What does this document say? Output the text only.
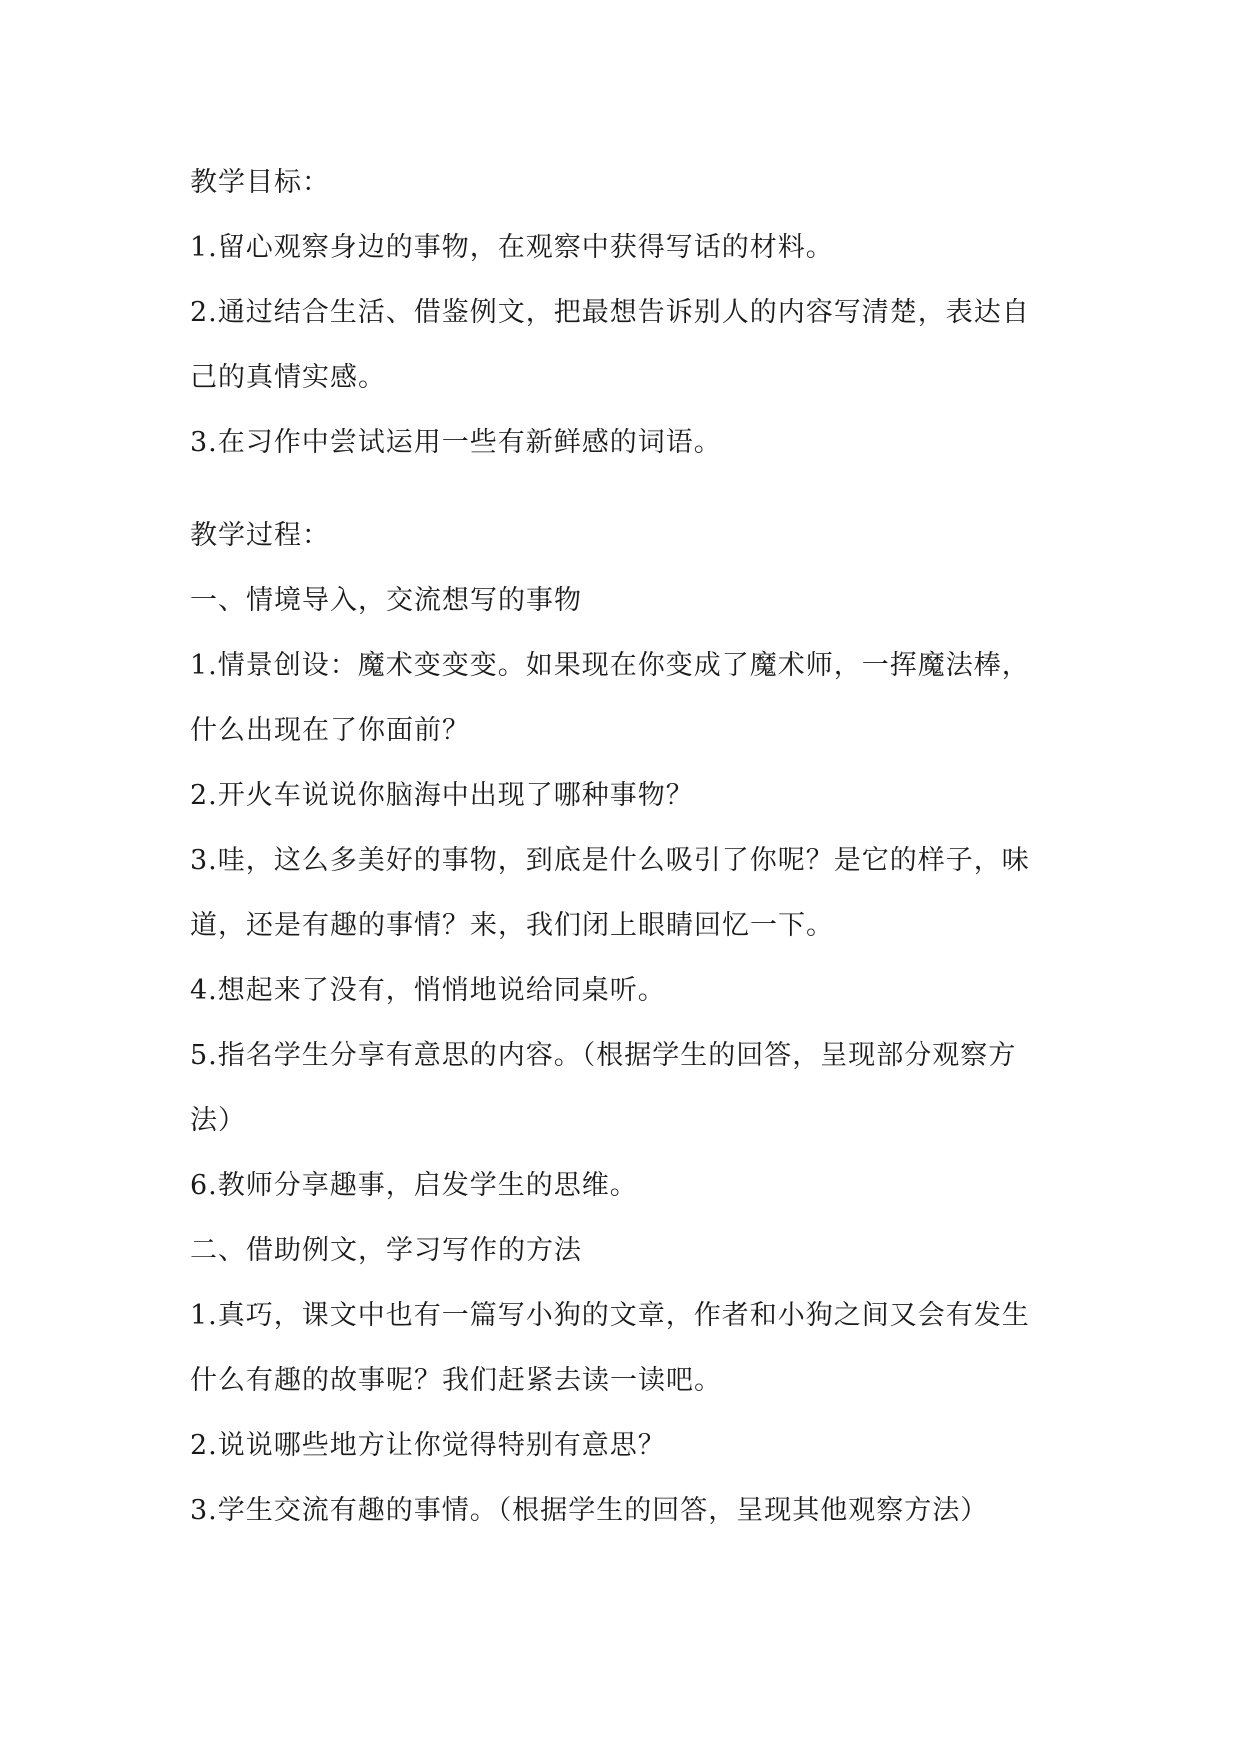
教学目标：
1.留心观察身边的事物，在观察中获得写话的材料。
2.通过结合生活、借鉴例文，把最想告诉别人的内容写清楚，表达自
己的真情实感。
3.在习作中尝试运用一些有新鲜感的词语。
教学过程：
一、情境导入，交流想写的事物
1.情景创设：魔术变变变。如果现在你变成了魔术师，一挥魔法棒，
什么出现在了你面前？
2.开火车说说你脑海中出现了哪种事物？
3.哇，这么多美好的事物，到底是什么吸引了你呢？是它的样子，味
道，还是有趣的事情？来，我们闭上眼睛回忆一下。
4.想起来了没有，悄悄地说给同桌听。
5.指名学生分享有意思的内容。（根据学生的回答，呈现部分观察方
法）
6.教师分享趣事，启发学生的思维。
二、借助例文，学习写作的方法
1.真巧，课文中也有一篇写小狗的文章，作者和小狗之间又会有发生
什么有趣的故事呢？我们赶紧去读一读吧。
2.说说哪些地方让你觉得特别有意思？
3.学生交流有趣的事情。（根据学生的回答，呈现其他观察方法）
